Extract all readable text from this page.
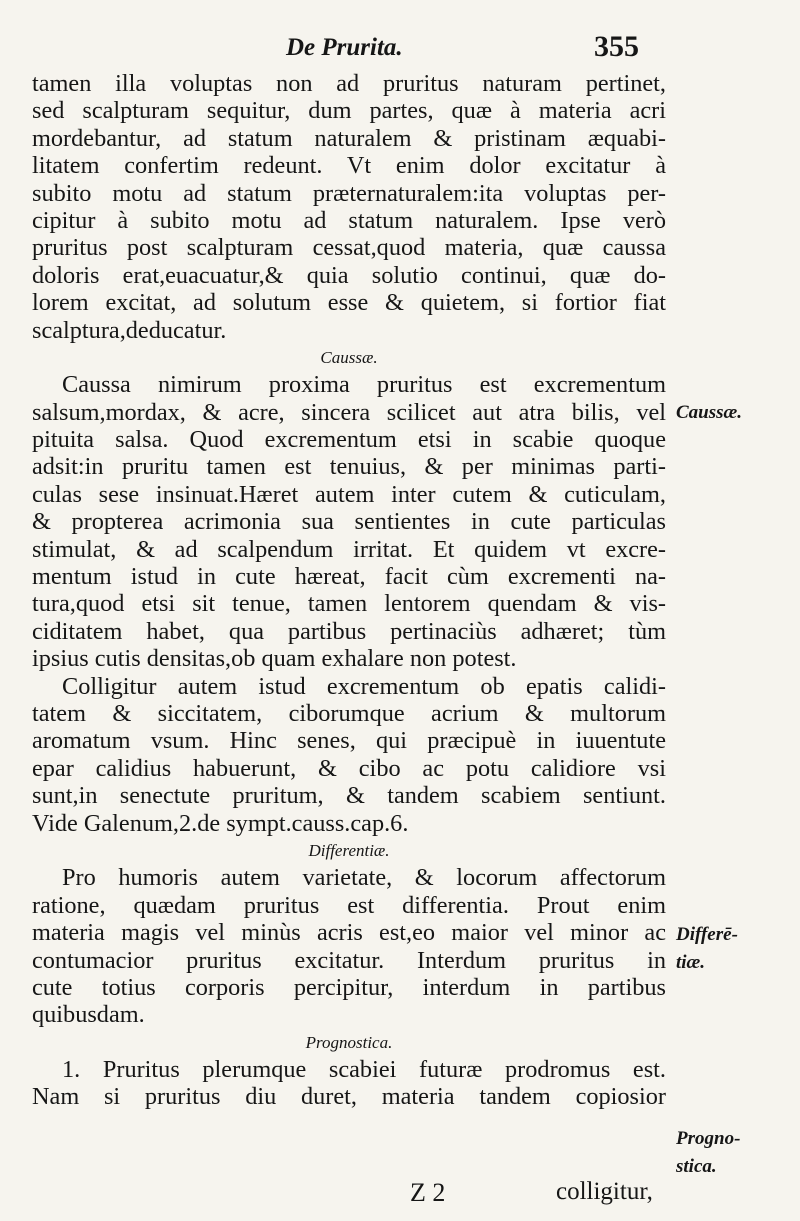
De Prurita.	355
tamen illa voluptas non ad pruritus naturam pertinet,
sed scalpturam sequitur, dum partes, quæ à materia acri
mordebantur, ad statum naturalem & pristinam æquabi-
litatem confertim redeunt. Vt enim dolor excitatur à
subito motu ad statum præternaturalem:ita voluptas per-
cipitur à subito motu ad statum naturalem. Ipse verò
pruritus post scalpturam cessat,quod materia, quæ caussa
doloris erat,euacuatur,& quia solutio continui, quæ do-
lorem excitat, ad solutum esse & quietem, si fortior fiat
scalptura,deducatur.
Caussæ.
Caussa nimirum proxima pruritus est excrementum
salsum,mordax, & acre, sincera scilicet aut atra bilis, vel
pituita salsa. Quod excrementum etsi in scabie quoque
adsit:in pruritu tamen est tenuius, & per minimas parti-
culas sese insinuat.Hæret autem inter cutem & cuticulam,
& propterea acrimonia sua sentientes in cute particulas
stimulat, & ad scalpendum irritat. Et quidem vt excre-
mentum istud in cute hæreat, facit cùm excrementi na-
tura,quod etsi sit tenue, tamen lentorem quendam & vis-
ciditatem habet, qua partibus pertinaciùs adhæret; tùm
ipsius cutis densitas,ob quam exhalare non potest.
Colligitur autem istud excrementum ob epatis calidi-
tatem & siccitatem, ciborumque acrium & multorum
aromatum vsum. Hinc senes, qui præcipuè in iuuentute
epar calidius habuerunt, & cibo ac potu calidiore vsi
sunt,in senectute pruritum, & tandem scabiem sentiunt.
Vide Galenum,2.de sympt.causs.cap.6.
Differentiæ.
Pro humoris autem varietate, & locorum affectorum
ratione, quædam pruritus est differentia. Prout enim
materia magis vel minùs acris est,eo maior vel minor ac
contumacior pruritus excitatur. Interdum pruritus in
cute totius corporis percipitur, interdum in partibus
quibusdam.
Prognostica.
1. Pruritus plerumque scabiei futuræ prodromus est.
Nam si pruritus diu duret, materia tandem copiosior
Caussæ.
Differē-
tiæ.
Progno-
stica.
Z 2	colligitur,
